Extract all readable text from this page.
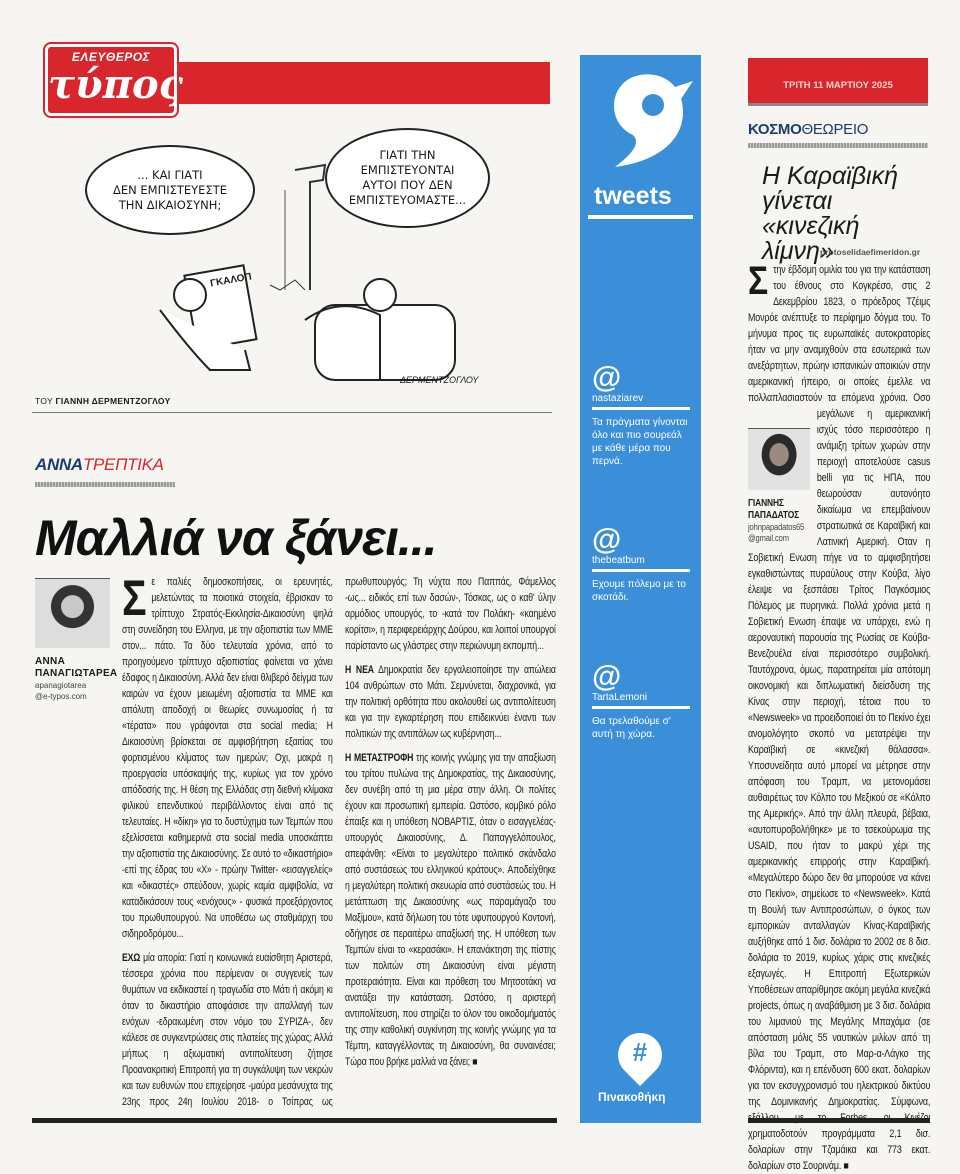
ΕΛΕΥΘΕΡΟΣ
τύπος
... ΚΑΙ ΓΙΑΤΙ
ΔΕΝ ΕΜΠΙΣΤΕΥΕΣΤΕ
ΤΗΝ ΔΙΚΑΙΟΣΥΝΗ;
ΓΙΑΤΙ ΤΗΝ
ΕΜΠΙΣΤΕΥΟΝΤΑΙ
ΑΥΤΟΙ ΠΟΥ ΔΕΝ
ΕΜΠΙΣΤΕΥΟΜΑΣΤΕ...
ΓΚΑΛΟΠ
ΔΕΡΜΕΝΤΖΟΓΛΟΥ
ΤΟΥ ΓΙΑΝΝΗ ΔΕΡΜΕΝΤΖΟΓΛΟΥ
ΑΝΝΑΤΡΕΠΤΙΚΑ
Μαλλιά να ξάνει...
ΑΝΝΑ
ΠΑΝΑΓΙΩΤΑΡΕΑ
apanagiotarea
@e-typos.com

Σε παλιές δημοσκοπήσεις, οι ερευνητές, μελετώντας τα ποιοτικά στοιχεία, έβρισκαν το τρίπτυχο Στρατός-Εκκλησία-Δικαιοσύνη ψηλά στη συνείδηση του Ελληνα, με την αξιοπιστία των ΜΜΕ στον... πάτο. Τα δύο τελευταία χρόνια, από το προηγούμενο τρίπτυχο αξιοπιστίας φαίνεται να χάνει έδαφος η Δικαιοσύνη. Αλλά δεν είναι θλιβερό δείγμα των καιρών να έχουν μειωμένη αξιοπιστία τα ΜΜΕ και απόλυτη αποδοχή οι θεωρίες συνωμοσίας ή τα «τέρατα» που γράφονται στα social media; Η Δικαιοσύνη βρίσκεται σε αμφισβήτηση εξαιτίας του φορτισμένου κλίματος των ημερών; Οχι, μακρά η προεργασία υπόσκαψής της, κυρίως για τον χρόνο απόδοσής της. Η θέση της Ελλάδας στη διεθνή κλίμακα φιλικού επενδυτικού περιβάλλοντος είναι από τις τελευταίες. Η «δίκη» για το δυστύχημα των Τεμπών που εξελίσσεται καθημερινά στα social media υποσκάπτει την αξιοπιστία της Δικαιοσύνης. Σε αυτό το «δικαστήριο» -επί της έδρας του «Χ» - πρώην Twitter- «εισαγγελείς» και «δικαστές» σπεύδουν, χωρίς καμία αμφιβολία, να καταδικάσουν τους «ενόχους» - φυσικά προεξάρχοντος του πρωθυπουργού. Να υποθέσω ως σταθμάρχη του σιδηροδρόμου...

ΕΧΩ μία απορία: Γιατί η κοινωνικά ευαίσθητη Αριστερά, τέσσερα χρόνια που περίμεναν οι συγγενείς των θυμάτων να εκδικαστεί η τραγωδία στο Μάτι ή ακόμη κι όταν το δικαστήριο αποφάσισε την απαλλαγή των ενόχων -εδραιωμένη στον νόμο του ΣΥΡΙΖΑ-, δεν κάλεσε σε συγκεντρώσεις στις πλατείες της χώρας; Αλλά μήπως η αξιωματική αντιπολίτευση ζήτησε Προανακριτική Επιτροπή για τη συγκάλυψη των νεκρών και των ευθυνών που επιχείρησε -μαύρα μεσάνυχτα της 23ης προς 24η Ιουλίου 2018- ο Τσίπρας ως πρωθυπουργός; Τη νύχτα που Παππάς, Φάμελλος -ως... ειδικός επί των δασών-, Τόσκας, ως ο καθ' ύλην αρμόδιος υπουργός, το -κατά τον Πολάκη- «καημένο κορίτσι», η περιφερειάρχης Δούρου, και λοιποί υπουργοί παρίσταντο ως γλάστρες στην περιώνυμη εκπομπή...

Η ΝΕΑ Δημοκρατία δεν εργαλειοποίησε την απώλεια 104 ανθρώπων στο Μάτι. Σεμνύνεται, διαχρονικά, για την πολιτική ορθότητα που ακολουθεί ως αντιπολίτευση και για την εγκαρτέρηση που επιδεικνύει έναντι των πολιτικών της αντιπάλων ως κυβέρνηση...

Η ΜΕΤΑΣΤΡΟΦΗ της κοινής γνώμης για την απαξίωση του τρίτου πυλώνα της Δημοκρατίας, της Δικαιοσύνης, δεν συνέβη από τη μια μέρα στην άλλη. Οι πολίτες έχουν και προσωπική εμπειρία. Ωστόσο, κομβικό ρόλο έπαιξε και η υπόθεση ΝΟΒΑΡΤΙΣ, όταν ο εισαγγελέας-υπουργός Δικαιοσύνης, Δ. Παπαγγελόπουλος, απεφάνθη: «Είναι το μεγαλύτερο πολιτικό σκάνδαλο από συστάσεως του ελληνικού κράτους». Αποδείχθηκε η μεγαλύτερη πολιτική σκευωρία από συστάσεώς του. Η μετάπτωση της Δικαιοσύνης «ως παραμάγαζο του Μαξίμου», κατά δήλωση του τότε υφυπουργού Κοντονή, οδήγησε σε περαιτέρω απαξίωσή της. Η υπόθεση των Τεμπών είναι το «κερασάκι». Η επανάκτηση της πίστης των πολιτών στη Δικαιοσύνη είναι μέγιστη προτεραιότητα. Είναι και πρόθεση του Μητσοτάκη να ανατάξει την κατάσταση. Ωστόσο, η αριστερή αντιπολίτευση, που στηρίζει το όλον του οικοδομήματός της στην καθολική συγκίνηση της κοινής γνώμης για τα Τέμπη, καταγγέλλοντας τη Δικαιοσύνη, θα συναινέσει; Τώρα που βρήκε μαλλιά να ξάνει; ■

tweets
@
nastaziarev
Τα πράγματα γίνονται όλο και πιο σουρεάλ με κάθε μέρα που περνά.
@
thebeatbum
Εχουμε πόλεμο με το σκοτάδι.
@
TartaLemoni
Θα τρελαθούμε σ' αυτή τη χώρα.
#
Πινακοθήκη
ΤΡΙΤΗ 11 ΜΑΡΤΙΟΥ 2025
ΚΟΣΜΟΘΕΩΡΕΙΟ
Η Καραϊβική γίνεται «κινεζική λίμνη»
protoselidaefimeridon.gr
Σ
ΓΙΑΝΝΗΣ
ΠΑΠΑΔΑΤΟΣ
johnpapadatos65
@gmail.com
την έβδομη ομιλία του για την κατάσταση του έθνους στο Κογκρέσο, στις 2 Δεκεμβρίου 1823, ο πρόεδρος Τζέιμς Μονρόε ανέπτυξε το περίφημο δόγμα του. Το μήνυμα προς τις ευρωπαϊκές αυτοκρατορίες ήταν να μην αναμιχθούν στα εσωτερικά των ανεξάρτητων, πρώην ισπανικών αποικιών στην αμερικανική ήπειρο, οι οποίες έμελλε να πολλαπλασιαστούν τα επόμενα χρόνια. Οσο μεγάλωνε η αμερικανική ισχύς τόσο περισσότερο η ανάμιξη τρίτων χωρών στην περιοχή αποτελούσε casus belli για τις ΗΠΑ, που θεωρούσαν αυτονόητο δικαίωμα να επεμβαίνουν στρατιωτικά σε Καραϊβική και Λατινική Αμερική. Οταν η Σοβιετική Ενωση πήγε να το αμφισβητήσει εγκαθιστώντας πυραύλους στην Κούβα, λίγο έλειψε να ξεσπάσει Τρίτος Παγκόσμιος Πόλεμος με πυρηνικά. Πολλά χρόνια μετά η Σοβιετική Ενωση έπαψε να υπάρχει, ενώ η αεροναυτική παρουσία της Ρωσίας σε Κούβα-Βενεζουέλα είναι περισσότερο συμβολική. Ταυτόχρονα, όμως, παρατηρείται μία απότομη οικονομική και διπλωματική διείσδυση της Κίνας στην περιοχή, τέτοια που το «Newsweek» να προειδοποιεί ότι το Πεκίνο έχει ανομολόγητο σκοπό να μετατρέψει την Καραϊβική σε «κινεζική θάλασσα». Υποσυνείδητα αυτό μπορεί να μέτρησε στην απόφαση του Τραμπ, να μετονομάσει αυθαιρέτως τον Κόλπο του Μεξικού σε «Κόλπο της Αμερικής». Από την άλλη πλευρά, βέβαια, «αυτοπυροβολήθηκε» με το τσεκούρωμα της USAID, που ήταν το μακρύ χέρι της αμερικανικής επιρροής στην Καραϊβική. «Μεγαλύτερο δώρο δεν θα μπορούσε να κάνει στο Πεκίνο», σημείωσε το «Newsweek». Κατά τη Βουλή των Αντιπροσώπων, ο όγκος των εμπορικών ανταλλαγών Κίνας-Καραϊβικής αυξήθηκε από 1 δισ. δολάρια το 2002 σε 8 δισ. δολάρια το 2019, κυρίως χάρις στις κινεζικές εξαγωγές. Η Επιτροπή Εξωτερικών Υποθέσεων απαρίθμησε ακόμη μεγάλα κινεζικά projects, όπως η αναβάθμιση με 3 δισ. δολάρια του λιμανιού της Μεγάλης Μπαχάμα (σε απόσταση μόλις 55 ναυτικών μιλίων από τη βίλα του Τραμπ, στο Μαρ-α-Λάγκο της Φλόριντα), και η επένδυση 600 εκατ. δολαρίων για τον εκσυγχρονισμό του ηλεκτρικού δικτύου της Δομινικανής Δημοκρατίας. Σύμφωνα, χρηματοδοτούν προγράμματα 2,1 δισ. δολαρίων στην Τζαμάικα και 773 εκατ. δολαρίων στο Σουρινάμ. ■
